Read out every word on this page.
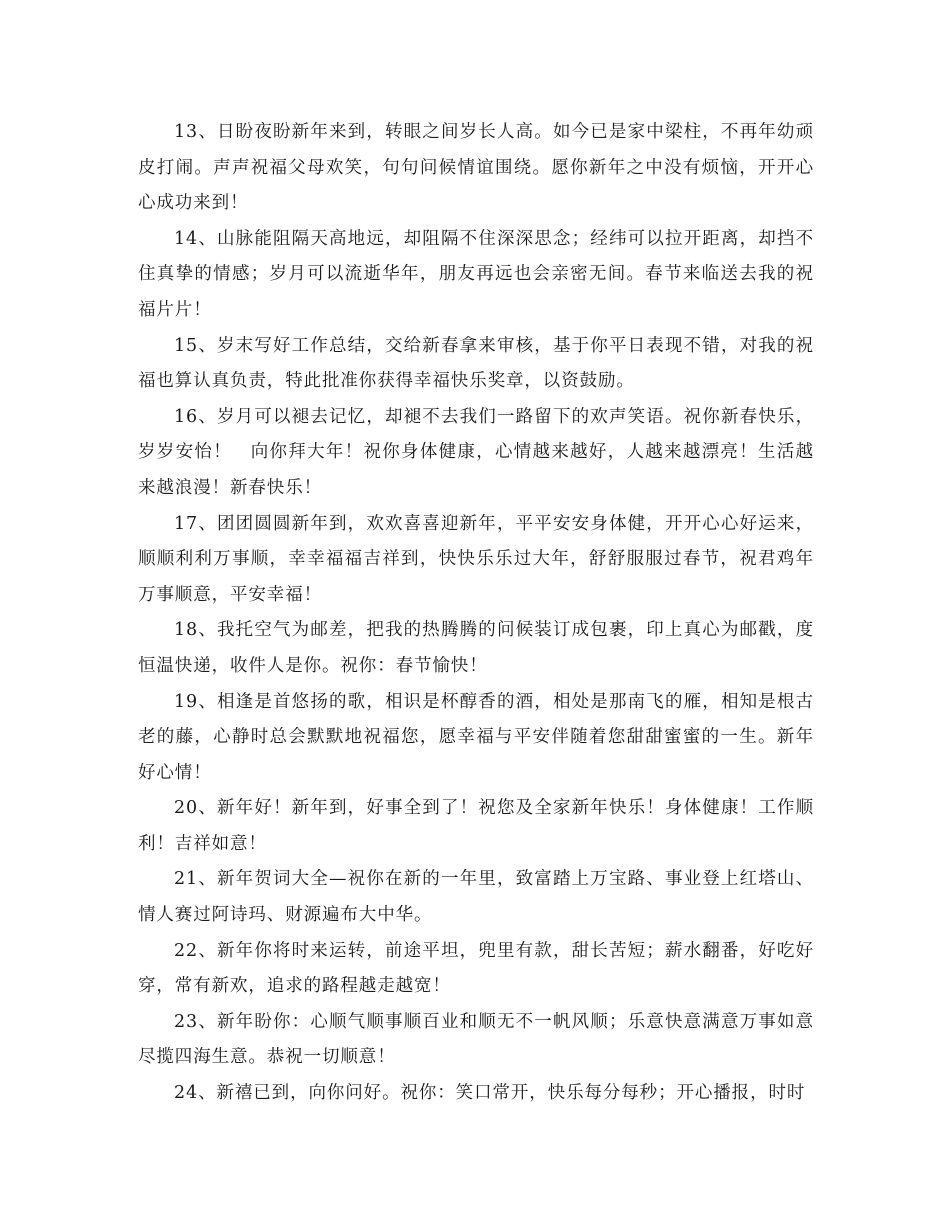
13、日盼夜盼新年来到，转眼之间岁长人高。如今已是家中梁柱，不再年幼顽皮打闹。声声祝福父母欢笑，句句问候情谊围绕。愿你新年之中没有烦恼，开开心心成功来到！

14、山脉能阻隔天高地远，却阻隔不住深深思念；经纬可以拉开距离，却挡不住真挚的情感；岁月可以流逝华年，朋友再远也会亲密无间。春节来临送去我的祝福片片！

15、岁末写好工作总结，交给新春拿来审核，基于你平日表现不错，对我的祝福也算认真负责，特此批准你获得幸福快乐奖章，以资鼓励。

16、岁月可以褪去记忆，却褪不去我们一路留下的欢声笑语。祝你新春快乐，岁岁安怡！　向你拜大年！祝你身体健康，心情越来越好，人越来越漂亮！生活越来越浪漫！新春快乐！

17、团团圆圆新年到，欢欢喜喜迎新年，平平安安身体健，开开心心好运来，顺顺利利万事顺，幸幸福福吉祥到，快快乐乐过大年，舒舒服服过春节，祝君鸡年万事顺意，平安幸福！

18、我托空气为邮差，把我的热腾腾的问候装订成包裹，印上真心为邮戳，度恒温快递，收件人是你。祝你：春节愉快！

19、相逢是首悠扬的歌，相识是杯醇香的酒，相处是那南飞的雁，相知是根古老的藤，心静时总会默默地祝福您，愿幸福与平安伴随着您甜甜蜜蜜的一生。新年好心情！

20、新年好！新年到，好事全到了！祝您及全家新年快乐！身体健康！工作顺利！吉祥如意！

21、新年贺词大全—祝你在新的一年里，致富踏上万宝路、事业登上红塔山、情人赛过阿诗玛、财源遍布大中华。

22、新年你将时来运转，前途平坦，兜里有款，甜长苦短；薪水翻番，好吃好穿，常有新欢，追求的路程越走越宽！

23、新年盼你：心顺气顺事顺百业和顺无不一帆风顺；乐意快意满意万事如意尽揽四海生意。恭祝一切顺意！

24、新禧已到，向你问好。祝你：笑口常开，快乐每分每秒；开心播报，时时
